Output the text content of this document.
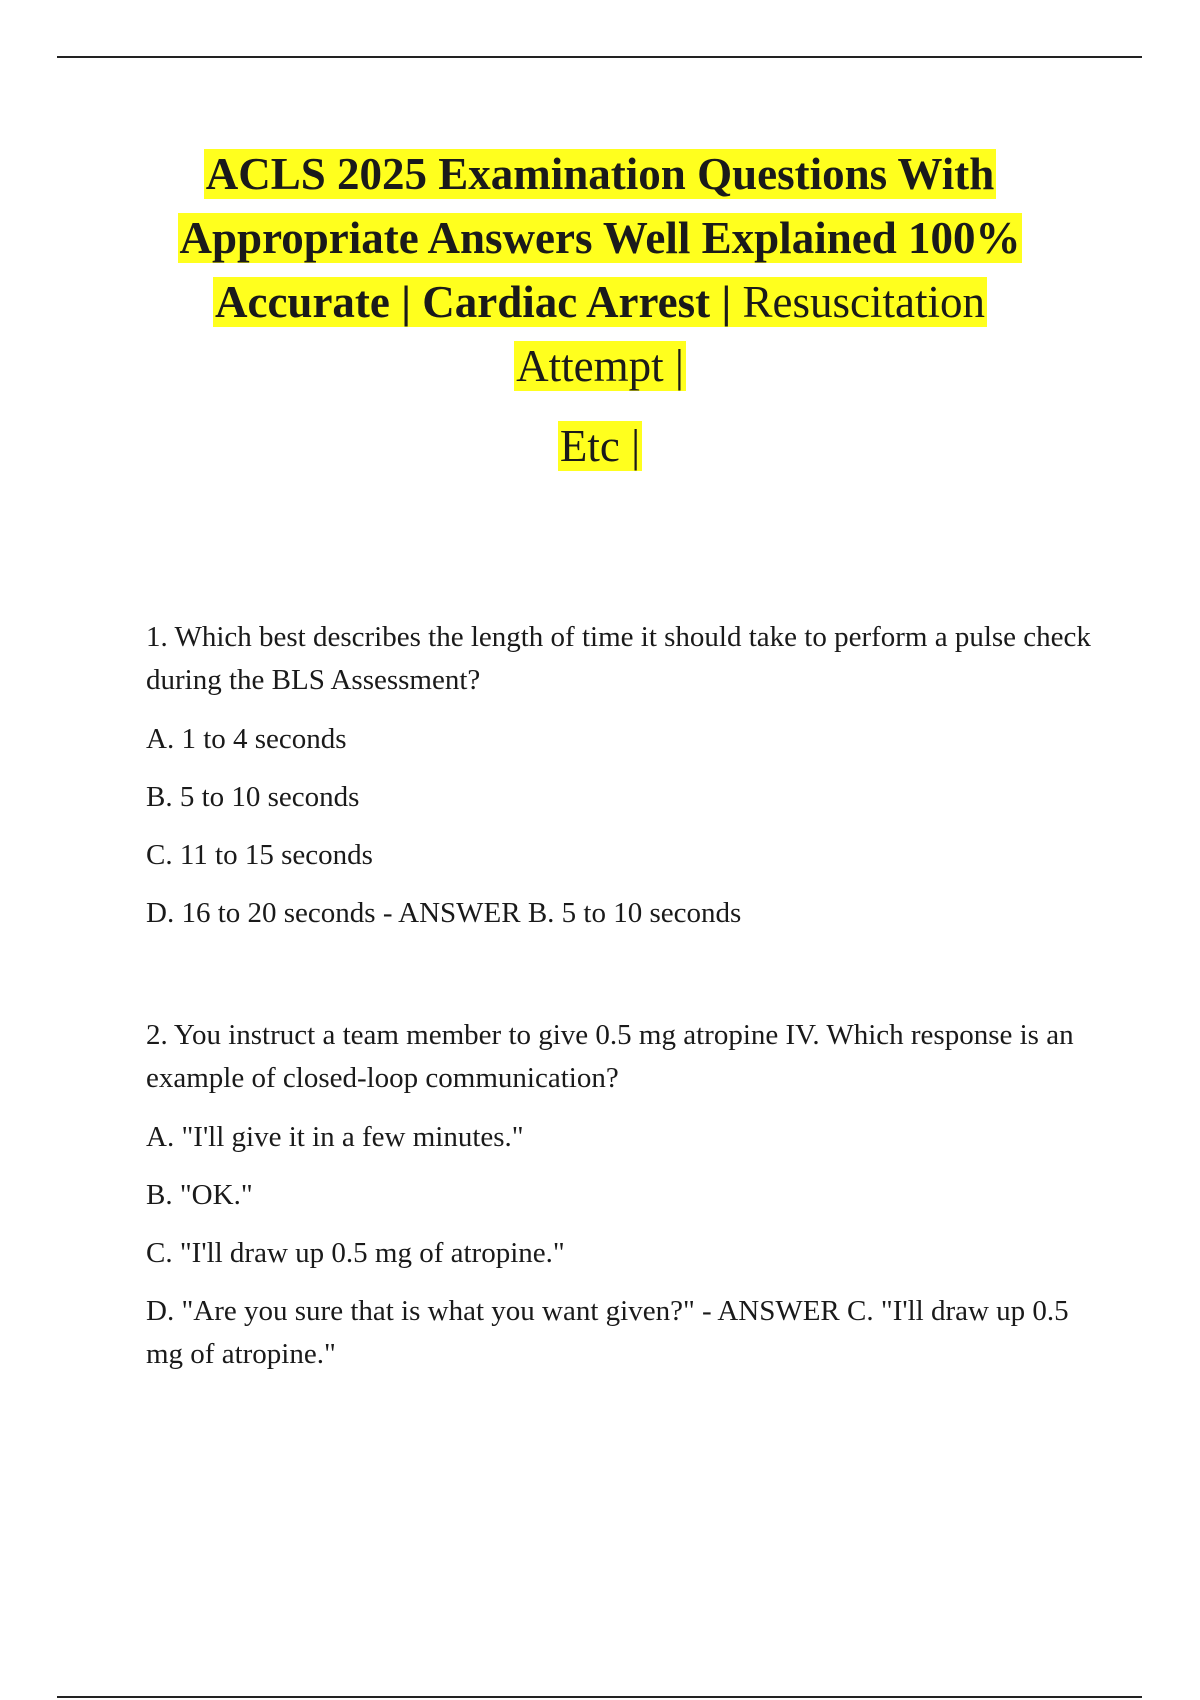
ACLS 2025 Examination Questions With
Appropriate Answers Well Explained 100%
Accurate | Cardiac Arrest | Resuscitation
Attempt |
Etc |

1. Which best describes the length of time it should take to perform a pulse check during the BLS Assessment?

A. 1 to 4 seconds

B. 5 to 10 seconds

C. 11 to 15 seconds

D. 16 to 20 seconds - ANSWER B. 5 to 10 seconds

2. You instruct a team member to give 0.5 mg atropine IV. Which response is an example of closed-loop communication?

A. "I'll give it in a few minutes."

B. "OK."

C. "I'll draw up 0.5 mg of atropine."

D. "Are you sure that is what you want given?" - ANSWER C. "I'll draw up 0.5 mg of atropine."
